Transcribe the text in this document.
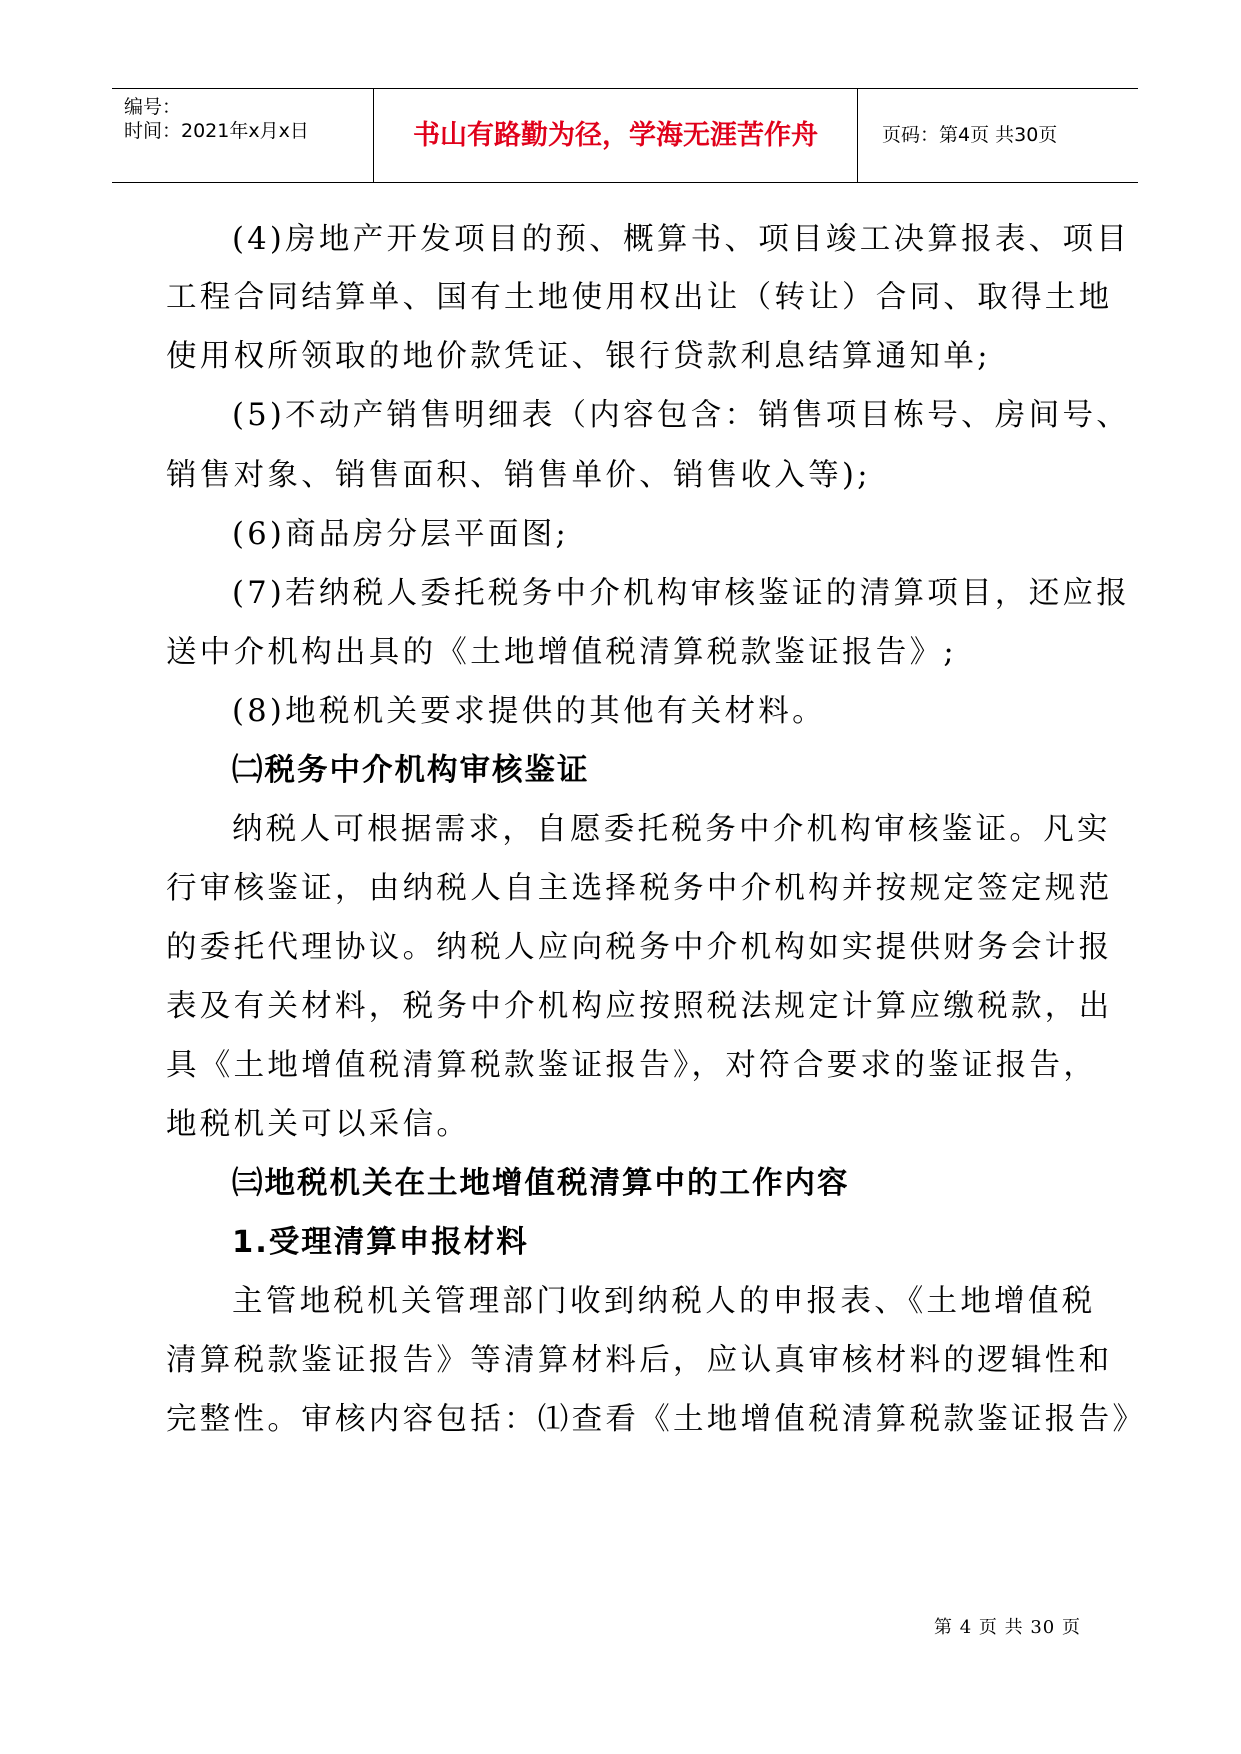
编号：
时间：2021年x月x日	书山有路勤为径，学海无涯苦作舟	页码：第4页 共30页
(4)房地产开发项目的预、概算书、项目竣工决算报表、项目
工程合同结算单、国有土地使用权出让（转让）合同、取得土地
使用权所领取的地价款凭证、银行贷款利息结算通知单;
(5)不动产销售明细表（内容包含：销售项目栋号、房间号、
销售对象、销售面积、销售单价、销售收入等);
(6)商品房分层平面图;
(7)若纳税人委托税务中介机构审核鉴证的清算项目，还应报
送中介机构出具的《土地增值税清算税款鉴证报告》;
(8)地税机关要求提供的其他有关材料。
㈡税务中介机构审核鉴证
纳税人可根据需求，自愿委托税务中介机构审核鉴证。凡实
行审核鉴证，由纳税人自主选择税务中介机构并按规定签定规范
的委托代理协议。纳税人应向税务中介机构如实提供财务会计报
表及有关材料，税务中介机构应按照税法规定计算应缴税款，出
具《土地增值税清算税款鉴证报告》，对符合要求的鉴证报告，
地税机关可以采信。
㈢地税机关在土地增值税清算中的工作内容
1.受理清算申报材料
主管地税机关管理部门收到纳税人的申报表、《土地增值税
清算税款鉴证报告》等清算材料后，应认真审核材料的逻辑性和
完整性。审核内容包括：⑴查看《土地增值税清算税款鉴证报告》
第 4 页 共 30 页
